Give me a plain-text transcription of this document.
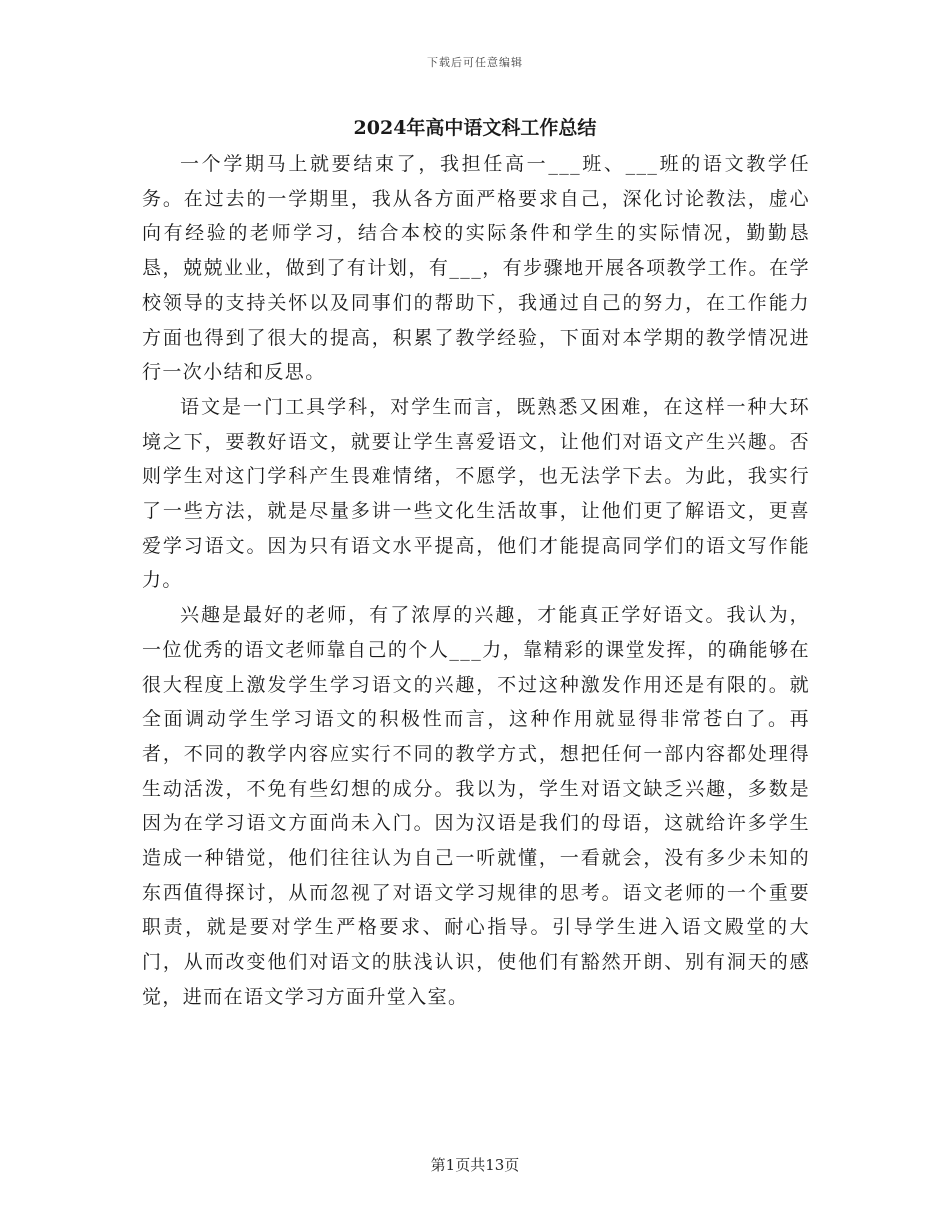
下载后可任意编辑
2024年高中语文科工作总结

一个学期马上就要结束了，我担任高一___班、___班的语文教学任务。在过去的一学期里，我从各方面严格要求自己，深化讨论教法，虚心向有经验的老师学习，结合本校的实际条件和学生的实际情况，勤勤恳恳，兢兢业业，做到了有计划，有___，有步骤地开展各项教学工作。在学校领导的支持关怀以及同事们的帮助下，我通过自己的努力，在工作能力方面也得到了很大的提高，积累了教学经验，下面对本学期的教学情况进行一次小结和反思。

语文是一门工具学科，对学生而言，既熟悉又困难，在这样一种大环境之下，要教好语文，就要让学生喜爱语文，让他们对语文产生兴趣。否则学生对这门学科产生畏难情绪，不愿学，也无法学下去。为此，我实行了一些方法，就是尽量多讲一些文化生活故事，让他们更了解语文，更喜爱学习语文。因为只有语文水平提高，他们才能提高同学们的语文写作能力。

兴趣是最好的老师，有了浓厚的兴趣，才能真正学好语文。我认为，一位优秀的语文老师靠自己的个人___力，靠精彩的课堂发挥，的确能够在很大程度上激发学生学习语文的兴趣，不过这种激发作用还是有限的。就全面调动学生学习语文的积极性而言，这种作用就显得非常苍白了。再者，不同的教学内容应实行不同的教学方式，想把任何一部内容都处理得生动活泼，不免有些幻想的成分。我以为，学生对语文缺乏兴趣，多数是因为在学习语文方面尚未入门。因为汉语是我们的母语，这就给许多学生造成一种错觉，他们往往认为自己一听就懂，一看就会，没有多少未知的东西值得探讨，从而忽视了对语文学习规律的思考。语文老师的一个重要职责，就是要对学生严格要求、耐心指导。引导学生进入语文殿堂的大门，从而改变他们对语文的肤浅认识，使他们有豁然开朗、别有洞天的感觉，进而在语文学习方面升堂入室。

第1页共13页
